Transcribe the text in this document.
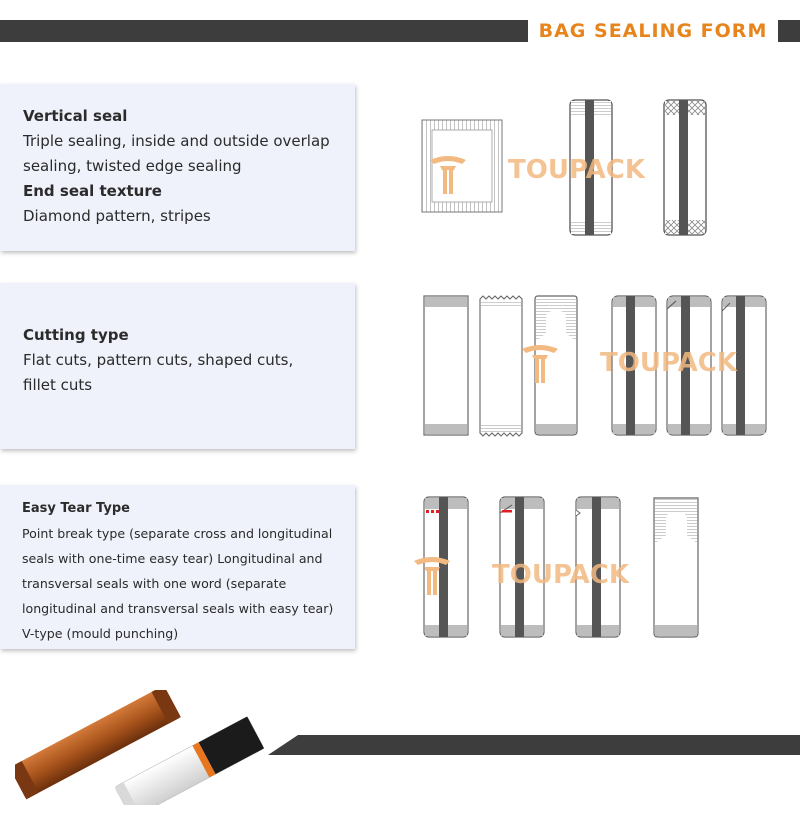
BAG SEALING FORM
Vertical seal
Triple sealing, inside and outside overlap
sealing, twisted edge sealing
End seal texture
Diamond pattern, stripes
Cutting type
Flat cuts, pattern cuts, shaped cuts,
fillet cuts
Easy Tear Type
Point break type (separate cross and longitudinal
seals with one-time easy tear) Longitudinal and
transversal seals with one word (separate
longitudinal and transversal seals with easy tear)
V-type (mould punching)
TOUPACK
TOUPACK
TOUPACK
